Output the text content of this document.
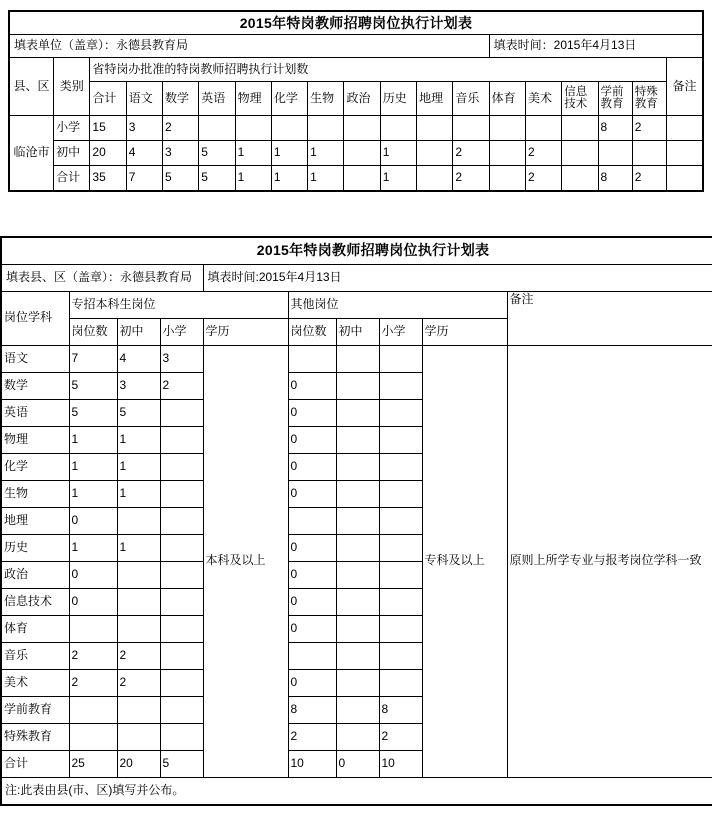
2015年特岗教师招聘岗位执行计划表																		
填表单位（盖章）：永德县教育局													填表时间：2015年4月13日					
县、区	类别	省特岗办批准的特岗教师招聘执行计划数																备注
		合计	语文	数学	英语	物理	化学	生物	政治	历史	地理	音乐	体育	美术	信息技术	学前教育	特殊教育	
临沧市	小学	15	3	2												8	2	
	初中	20	4	3	5	1	1	1		1		2		2				
	合计	35	7	5	5	1	1	1		1		2		2		8	2	
2015年特岗教师招聘岗位执行计划表									
填表县、区（盖章）：永德县教育局				填表时间:2015年4月13日					
岗位学科	专招本科生岗位				其他岗位				备注
	岗位数	初中	小学	学历	岗位数	初中	小学	学历	
语文	7	4	3	本科及以上				专科及以上	原则上所学专业与报考岗位学科一致
数学	5	3	2		0				
英语	5	5			0				
物理	1	1			0				
化学	1	1			0				
生物	1	1			0				
地理	0								
历史	1	1			0				
政治	0				0				
信息技术	0				0				
体育					0				
音乐	2	2							
美术	2	2			0				
学前教育					8		8		
特殊教育					2		2		
合计	25	20	5		10	0	10		
注:此表由县(市、区)填写并公布。									
